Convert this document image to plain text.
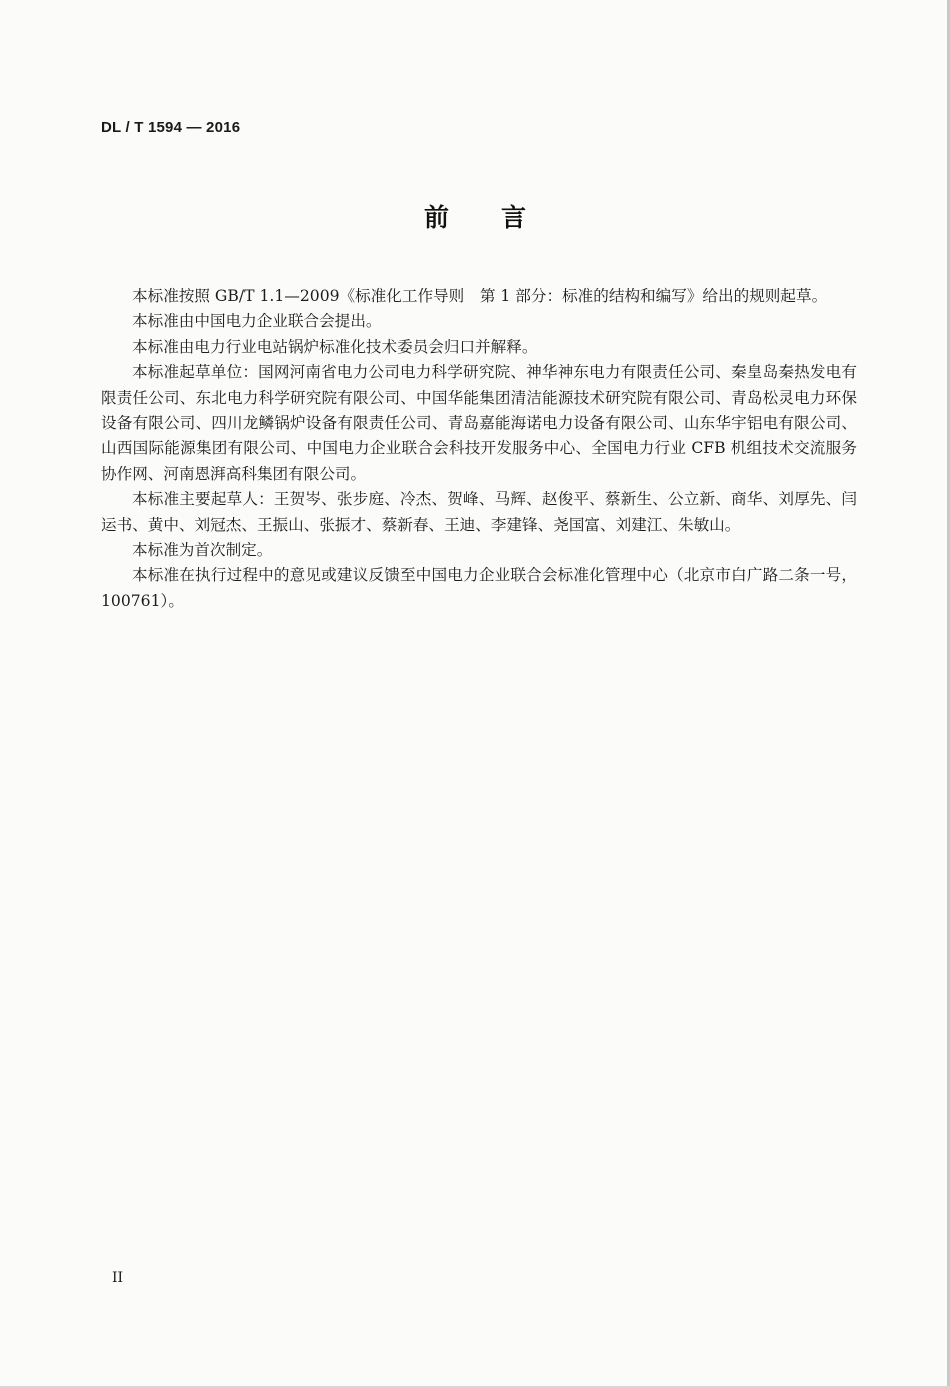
DL / T 1594 — 2016
前 言

本标准按照 GB/T 1.1—2009《标准化工作导则　第 1 部分：标准的结构和编写》给出的规则起草。

本标准由中国电力企业联合会提出。

本标准由电力行业电站锅炉标准化技术委员会归口并解释。

本标准起草单位：国网河南省电力公司电力科学研究院、神华神东电力有限责任公司、秦皇岛秦热发电有限责任公司、东北电力科学研究院有限公司、中国华能集团清洁能源技术研究院有限公司、青岛松灵电力环保设备有限公司、四川龙鳞锅炉设备有限责任公司、青岛嘉能海诺电力设备有限公司、山东华宇铝电有限公司、山西国际能源集团有限公司、中国电力企业联合会科技开发服务中心、全国电力行业 CFB 机组技术交流服务协作网、河南恩湃高科集团有限公司。

本标准主要起草人：王贺岑、张步庭、冷杰、贺峰、马辉、赵俊平、蔡新生、公立新、商华、刘厚先、闫运书、黄中、刘冠杰、王振山、张振才、蔡新春、王迪、李建锋、尧国富、刘建江、朱敏山。

本标准为首次制定。

本标准在执行过程中的意见或建议反馈至中国电力企业联合会标准化管理中心（北京市白广路二条一号，100761）。

II
